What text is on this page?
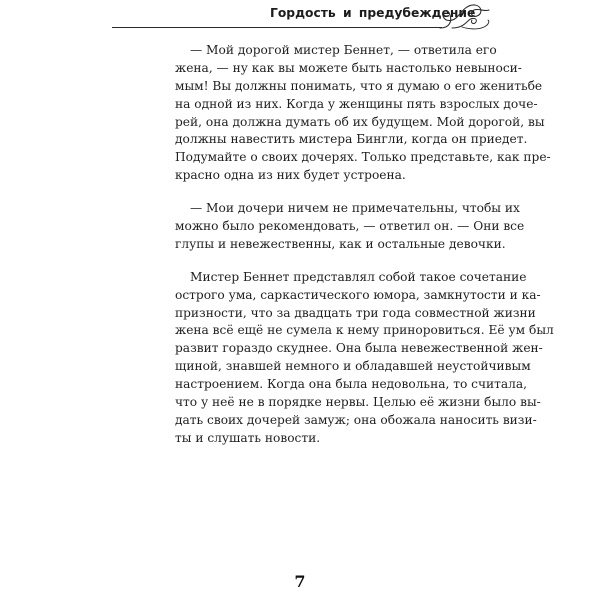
Гордость и предубеждение
— Мой дорогой мистер Беннет, — ответила его
жена, — ну как вы можете быть настолько невыноси-
мым! Вы должны понимать, что я думаю о его женитьбе
на одной из них. Когда у женщины пять взрослых доче-
рей, она должна думать об их будущем. Мой дорогой, вы
должны навестить мистера Бингли, когда он приедет.
Подумайте о своих дочерях. Только представьте, как пре-
красно одна из них будет устроена.
— Мои дочери ничем не примечательны, чтобы их
можно было рекомендовать, — ответил он. — Они все
глупы и невежественны, как и остальные девочки.
Мистер Беннет представлял собой такое сочетание
острого ума, саркастического юмора, замкнутости и ка-
призности, что за двадцать три года совместной жизни
жена всё ещё не сумела к нему приноровиться. Её ум был
развит гораздо скуднее. Она была невежественной жен-
щиной, знавшей немного и обладавшей неустойчивым
настроением. Когда она была недовольна, то считала,
что у неё не в порядке нервы. Целью её жизни было вы-
дать своих дочерей замуж; она обожала наносить визи-
ты и слушать новости.
7
